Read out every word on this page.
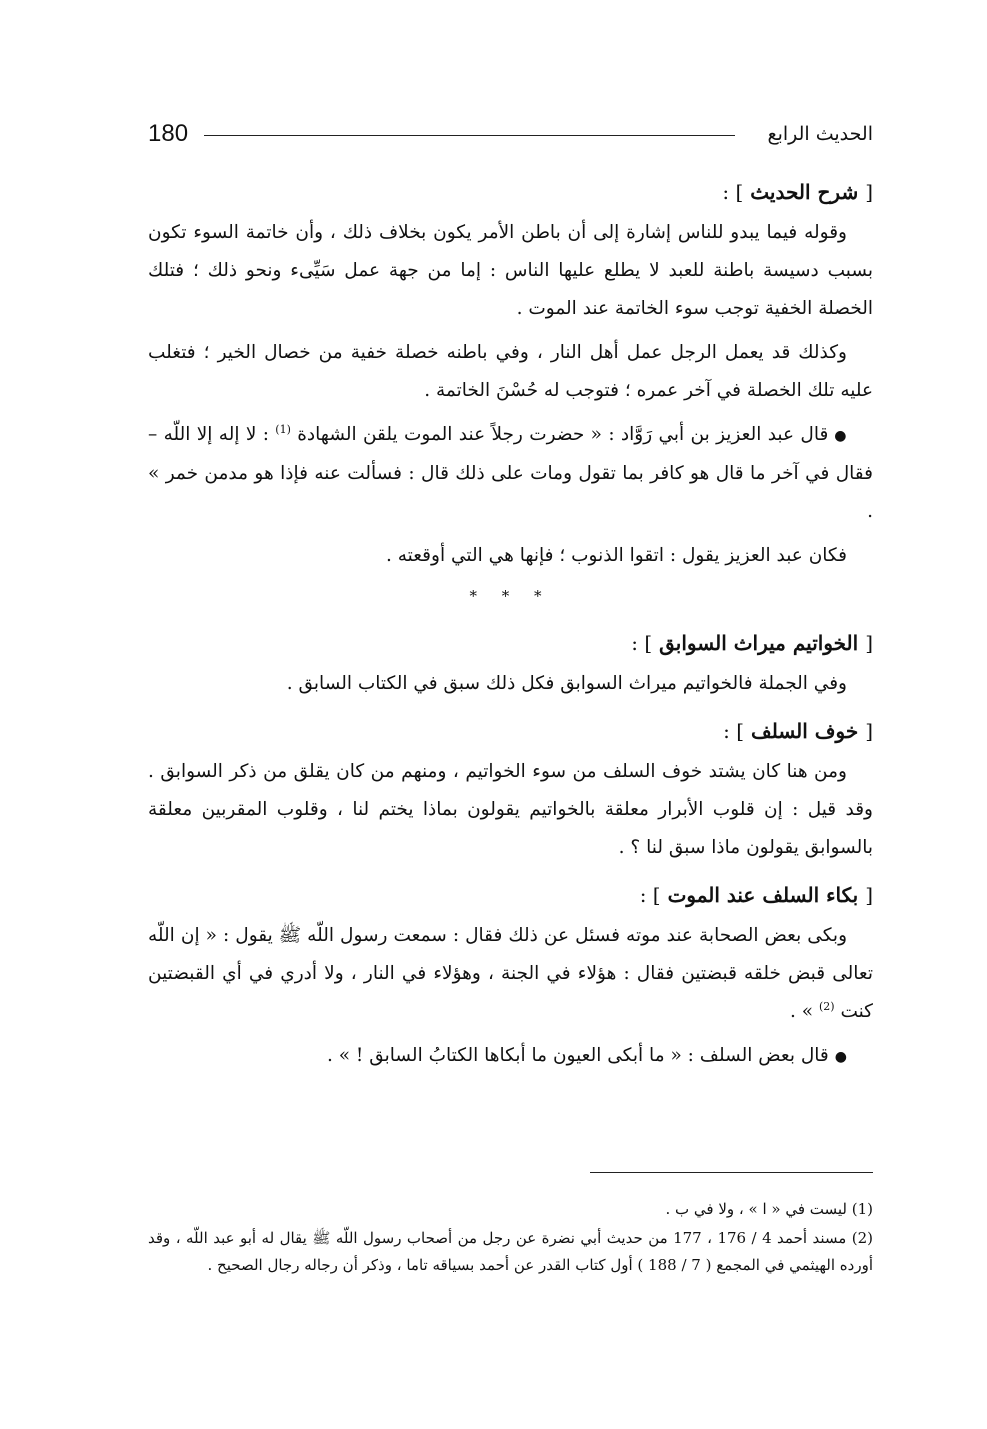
180	الحديث الرابع
[ شرح الحديث ] :

وقوله فيما يبدو للناس إشارة إلى أن باطن الأمر يكون بخلاف ذلك ، وأن خاتمة السوء تكون بسبب دسيسة باطنة للعبد لا يطلع عليها الناس : إما من جهة عمل سَيِّىء ونحو ذلك ؛ فتلك الخصلة الخفية توجب سوء الخاتمة عند الموت .

وكذلك قد يعمل الرجل عمل أهل النار ، وفي باطنه خصلة خفية من خصال الخير ؛ فتغلب عليه تلك الخصلة في آخر عمره ؛ فتوجب له حُسْنَ الخاتمة .

●قال عبد العزيز بن أبي رَوَّاد : « حضرت رجلاً عند الموت يلقن الشهادة $^{(1)}$ : لا إله إلا اللّه – فقال في آخر ما قال هو كافر بما تقول ومات على ذلك قال : فسألت عنه فإذا هو مدمن خمر » .

فكان عبد العزيز يقول : اتقوا الذنوب ؛ فإنها هي التي أوقعته .

* * *
[ الخواتيم ميراث السوابق ] :

وفي الجملة فالخواتيم ميراث السوابق فكل ذلك سبق في الكتاب السابق .

[ خوف السلف ] :

ومن هنا كان يشتد خوف السلف من سوء الخواتيم ، ومنهم من كان يقلق من ذكر السوابق . وقد قيل : إن قلوب الأبرار معلقة بالخواتيم يقولون بماذا يختم لنا ، وقلوب المقربين معلقة بالسوابق يقولون ماذا سبق لنا ؟ .

[ بكاء السلف عند الموت ] :

وبكى بعض الصحابة عند موته فسئل عن ذلك فقال : سمعت رسول اللّه ﷺ يقول : « إن اللّه تعالى قبض خلقه قبضتين فقال : هؤلاء في الجنة ، وهؤلاء في النار ، ولا أدري في أي القبضتين كنت $^{(2)}$ » .

●قال بعض السلف : « ما أبكى العيون ما أبكاها الكتابُ السابق ! » .

(1) ليست في « ا » ، ولا في ب .

(2) مسند أحمد 4 / 176 ، 177 من حديث أبي نضرة عن رجل من أصحاب رسول اللّه ﷺ يقال له أبو عبد اللّه ، وقد أورده الهيثمي في المجمع ( 7 / 188 ) أول كتاب القدر عن أحمد بسياقه تاما ، وذكر أن رجاله رجال الصحيح .
